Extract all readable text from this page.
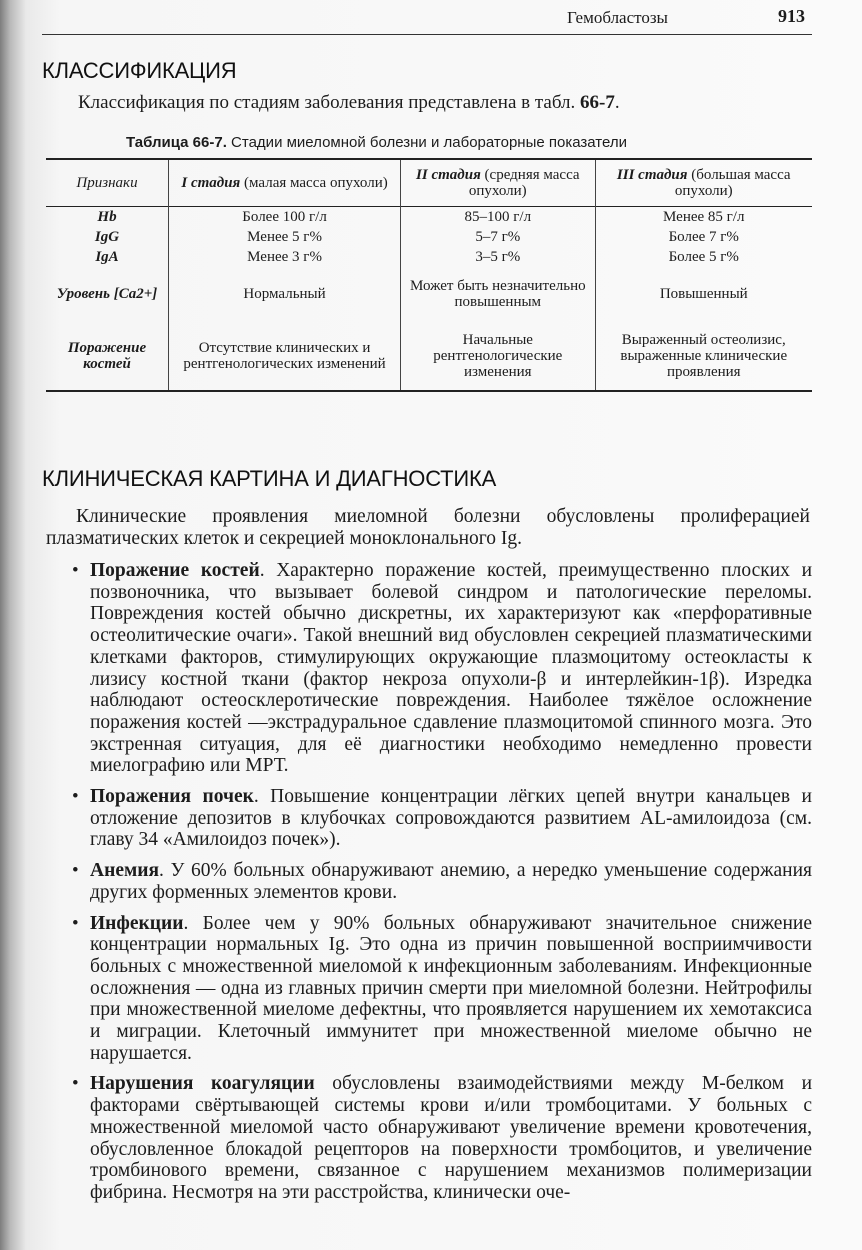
Гемобластозы	913
КЛАССИФИКАЦИЯ
Классификация по стадиям заболевания представлена в табл. 66-7.
Таблица 66-7. Стадии миеломной болезни и лабораторные показатели
Признаки	I стадия (малая масса опухоли)	II стадия (средняя масса опухоли)	III стадия (большая масса опухоли)
Hb	Более 100 г/л	85–100 г/л	Менее 85 г/л
IgG	Менее 5 г%	5–7 г%	Более 7 г%
IgA	Менее 3 г%	3–5 г%	Более 5 г%
Уровень [Ca2+]	Нормальный	Может быть незначительно повышенным	Повышенный
Поражение костей	Отсутствие клинических и рентгенологических изменений	Начальные рентгенологические изменения	Выраженный остеолизис, выраженные клинические проявления
КЛИНИЧЕСКАЯ КАРТИНА И ДИАГНОСТИКА
Клинические проявления миеломной болезни обусловлены пролиферацией плазматических клеток и секрецией моноклонального Ig.
• Поражение костей. Характерно поражение костей, преимущественно плоских и позвоночника, что вызывает болевой синдром и патологические переломы. Повреждения костей обычно дискретны, их характеризуют как «перфоративные остеолитические очаги». Такой внешний вид обусловлен секрецией плазматическими клетками факторов, стимулирующих окружающие плазмоцитому остеокласты к лизису костной ткани (фактор некроза опухоли-β и интерлейкин-1β). Изредка наблюдают остеосклеротические повреждения. Наиболее тяжёлое осложнение поражения костей —экстрадуральное сдавление плазмоцитомой спинного мозга. Это экстренная ситуация, для её диагностики необходимо немедленно провести миелографию или МРТ.
• Поражения почек. Повышение концентрации лёгких цепей внутри канальцев и отложение депозитов в клубочках сопровождаются развитием AL-амилоидоза (см. главу 34 «Амилоидоз почек»).
• Анемия. У 60% больных обнаруживают анемию, а нередко уменьшение содержания других форменных элементов крови.
• Инфекции. Более чем у 90% больных обнаруживают значительное снижение концентрации нормальных Ig. Это одна из причин повышенной восприимчивости больных с множественной миеломой к инфекционным заболеваниям. Инфекционные осложнения — одна из главных причин смерти при миеломной болезни. Нейтрофилы при множественной миеломе дефектны, что проявляется нарушением их хемотаксиса и миграции. Клеточный иммунитет при множественной миеломе обычно не нарушается.
• Нарушения коагуляции обусловлены взаимодействиями между М-белком и факторами свёртывающей системы крови и/или тромбоцитами. У больных с множественной миеломой часто обнаруживают увеличение времени кровотечения, обусловленное блокадой рецепторов на поверхности тромбоцитов, и увеличение тромбинового времени, связанное с нарушением механизмов полимеризации фибрина. Несмотря на эти расстройства, клинически оче-
